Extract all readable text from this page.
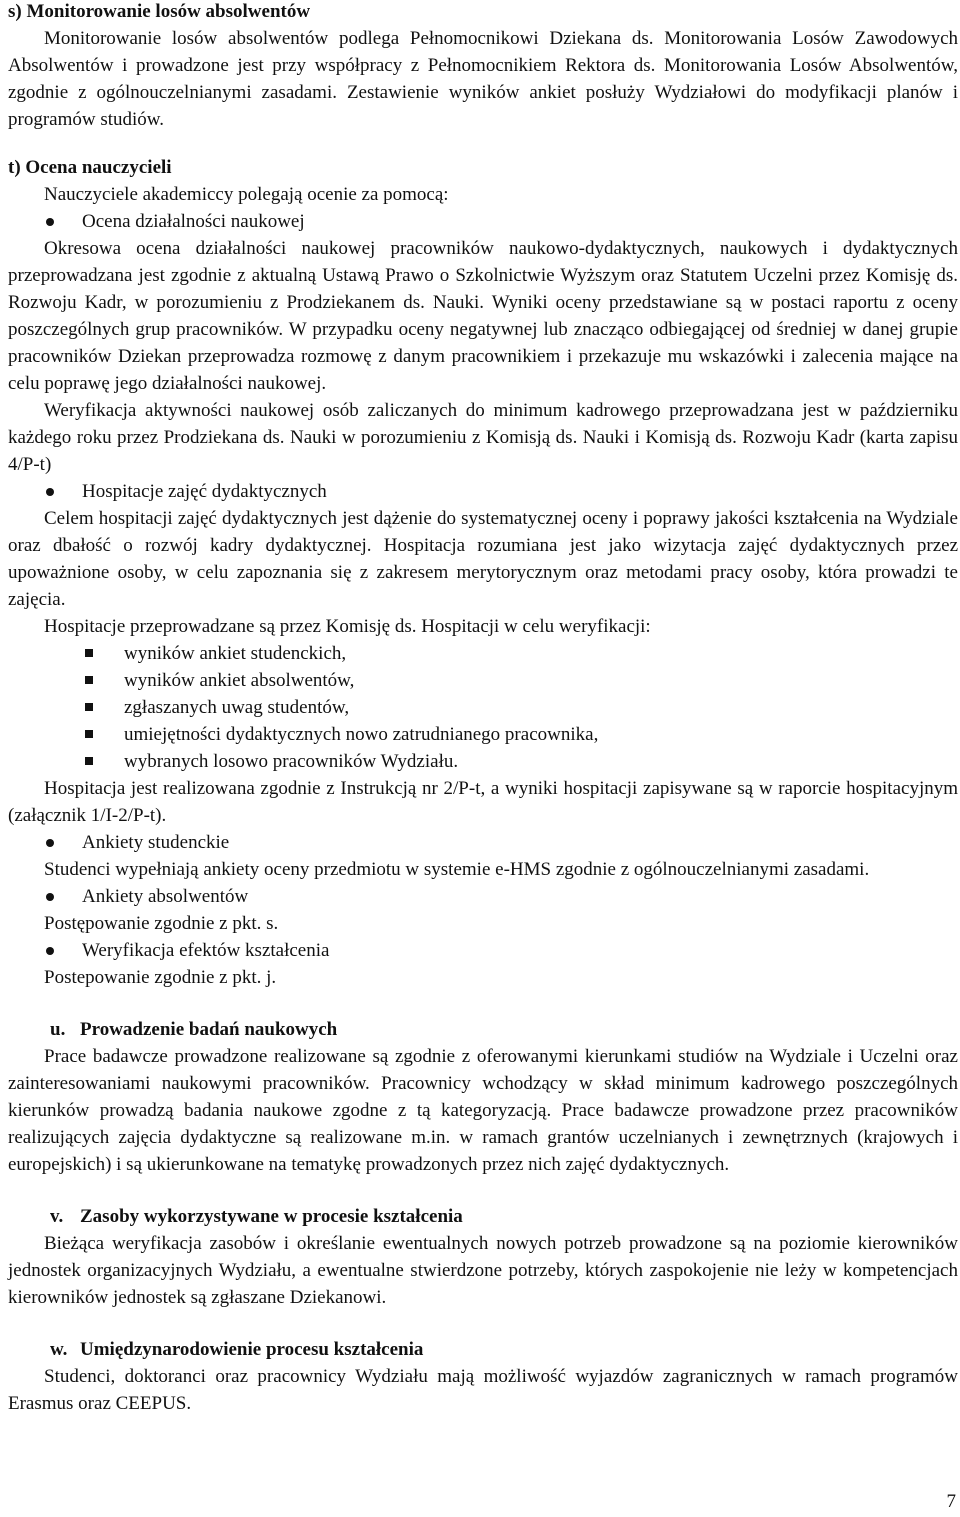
s) Monitorowanie losów absolwentów

Monitorowanie losów absolwentów podlega Pełnomocnikowi Dziekana ds. Monitorowania Losów Zawodowych Absolwentów i prowadzone jest przy współpracy z Pełnomocnikiem Rektora ds. Monitorowania Losów Absolwentów, zgodnie z ogólnouczelnianymi zasadami. Zestawienie wyników ankiet posłuży Wydziałowi do modyfikacji planów i programów studiów.

t) Ocena nauczycieli

Nauczyciele akademiccy polegają ocenie za pomocą:

Ocena działalności naukowej

Okresowa ocena działalności naukowej pracowników naukowo-dydaktycznych, naukowych i dydaktycznych przeprowadzana jest zgodnie z aktualną Ustawą Prawo o Szkolnictwie Wyższym oraz Statutem Uczelni przez Komisję ds. Rozwoju Kadr, w porozumieniu z Prodziekanem ds. Nauki. Wyniki oceny przedstawiane są w postaci raportu z oceny poszczególnych grup pracowników. W przypadku oceny negatywnej lub znacząco odbiegającej od średniej w danej grupie pracowników Dziekan przeprowadza rozmowę z danym pracownikiem i przekazuje mu wskazówki i zalecenia mające na celu poprawę jego działalności naukowej.

Weryfikacja aktywności naukowej osób zaliczanych do minimum kadrowego przeprowadzana jest w październiku każdego roku przez Prodziekana ds. Nauki w porozumieniu z Komisją ds. Nauki i Komisją ds. Rozwoju Kadr (karta zapisu 4/P-t)

Hospitacje zajęć dydaktycznych

Celem hospitacji zajęć dydaktycznych jest dążenie do systematycznej oceny i poprawy jakości kształcenia na Wydziale oraz dbałość o rozwój kadry dydaktycznej. Hospitacja rozumiana jest jako wizytacja zajęć dydaktycznych przez upoważnione osoby, w celu zapoznania się z zakresem merytorycznym oraz metodami pracy osoby, która prowadzi te zajęcia.

Hospitacje przeprowadzane są przez Komisję ds. Hospitacji w celu weryfikacji:

wyników ankiet studenckich,
wyników ankiet absolwentów,
zgłaszanych uwag studentów,
umiejętności dydaktycznych nowo zatrudnianego pracownika,
wybranych losowo pracowników Wydziału.

Hospitacja jest realizowana zgodnie z Instrukcją nr 2/P-t, a wyniki hospitacji zapisywane są w raporcie hospitacyjnym (załącznik 1/I-2/P-t).

Ankiety studenckie

Studenci wypełniają ankiety oceny przedmiotu w systemie e-HMS zgodnie z ogólnouczelnianymi zasadami.

Ankiety absolwentów

Postępowanie zgodnie z pkt. s.

Weryfikacja efektów kształcenia

Postepowanie zgodnie z pkt. j.

u. Prowadzenie badań naukowych

Prace badawcze prowadzone realizowane są zgodnie z oferowanymi kierunkami studiów na Wydziale i Uczelni oraz zainteresowaniami naukowymi pracowników. Pracownicy wchodzący w skład minimum kadrowego poszczególnych kierunków prowadzą badania naukowe zgodne z tą kategoryzacją. Prace badawcze prowadzone przez pracowników realizujących zajęcia dydaktyczne są realizowane m.in. w ramach grantów uczelnianych i zewnętrznych (krajowych i europejskich) i są ukierunkowane na tematykę prowadzonych przez nich zajęć dydaktycznych.

v. Zasoby wykorzystywane w procesie kształcenia

Bieżąca weryfikacja zasobów i określanie ewentualnych nowych potrzeb prowadzone są na poziomie kierowników jednostek organizacyjnych Wydziału, a ewentualne stwierdzone potrzeby, których zaspokojenie nie leży w kompetencjach kierowników jednostek są zgłaszane Dziekanowi.

w. Umiędzynarodowienie procesu kształcenia

Studenci, doktoranci oraz pracownicy Wydziału mają możliwość wyjazdów zagranicznych w ramach programów Erasmus oraz CEEPUS.

7
